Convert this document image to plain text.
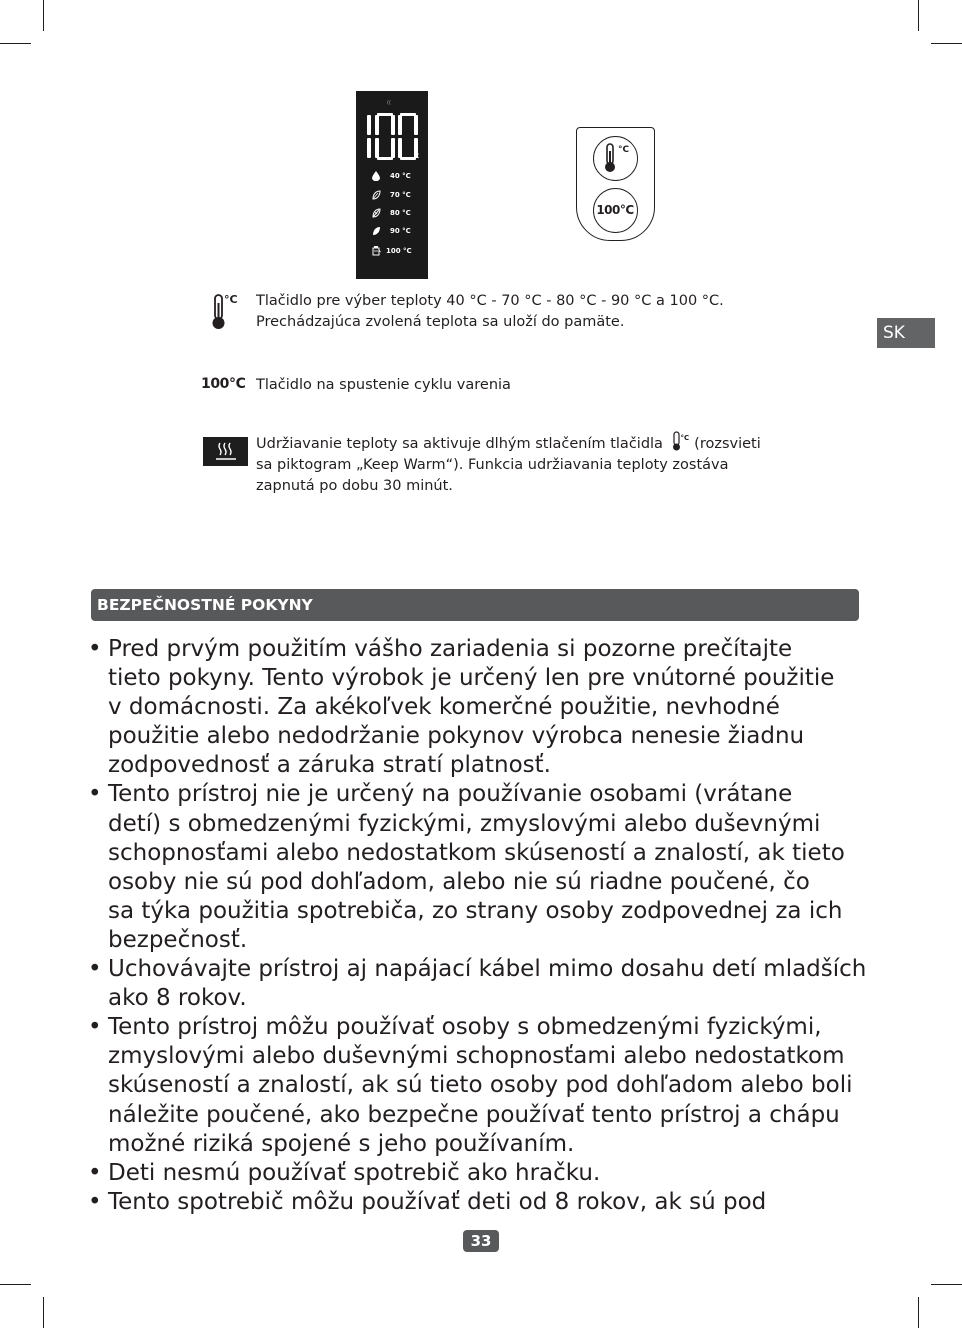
((
c
40 °C
70 °C
80 °C
90 °C
100 °C
°C
100°C
°C Tlačidlo pre výber teploty 40 °C - 70 °C - 80 °C - 90 °C a 100 °C.
Prechádzajúca zvolená teplota sa uloží do pamäte.
100°C Tlačidlo na spustenie cyklu varenia
Udržiavanie teploty sa aktivuje dlhým stlačením tlačidla	°C (rozsvieti
sa piktogram „Keep Warm“). Funkcia udržiavania teploty zostáva
zapnutá po dobu 30 minút.
SK
BEZPEČNOSTNÉ POKYNY
• Pred prvým použitím vášho zariadenia si pozorne prečítajte
tieto pokyny. Tento výrobok je určený len pre vnútorné použitie
v domácnosti. Za akékoľvek komerčné použitie, nevhodné
použitie alebo nedodržanie pokynov výrobca nenesie žiadnu
zodpovednosť a záruka stratí platnosť.
• Tento prístroj nie je určený na používanie osobami (vrátane
detí) s obmedzenými fyzickými, zmyslovými alebo duševnými
schopnosťami alebo nedostatkom skúseností a znalostí, ak tieto
osoby nie sú pod dohľadom, alebo nie sú riadne poučené, čo
sa týka použitia spotrebiča, zo strany osoby zodpovednej za ich
bezpečnosť.
• Uchovávajte prístroj aj napájací kábel mimo dosahu detí mladších
ako 8 rokov.
• Tento prístroj môžu používať osoby s obmedzenými fyzickými,
zmyslovými alebo duševnými schopnosťami alebo nedostatkom
skúseností a znalostí, ak sú tieto osoby pod dohľadom alebo boli
náležite poučené, ako bezpečne používať tento prístroj a chápu
možné riziká spojené s jeho používaním.
• Deti nesmú používať spotrebič ako hračku.
• Tento spotrebič môžu používať deti od 8 rokov, ak sú pod
33
